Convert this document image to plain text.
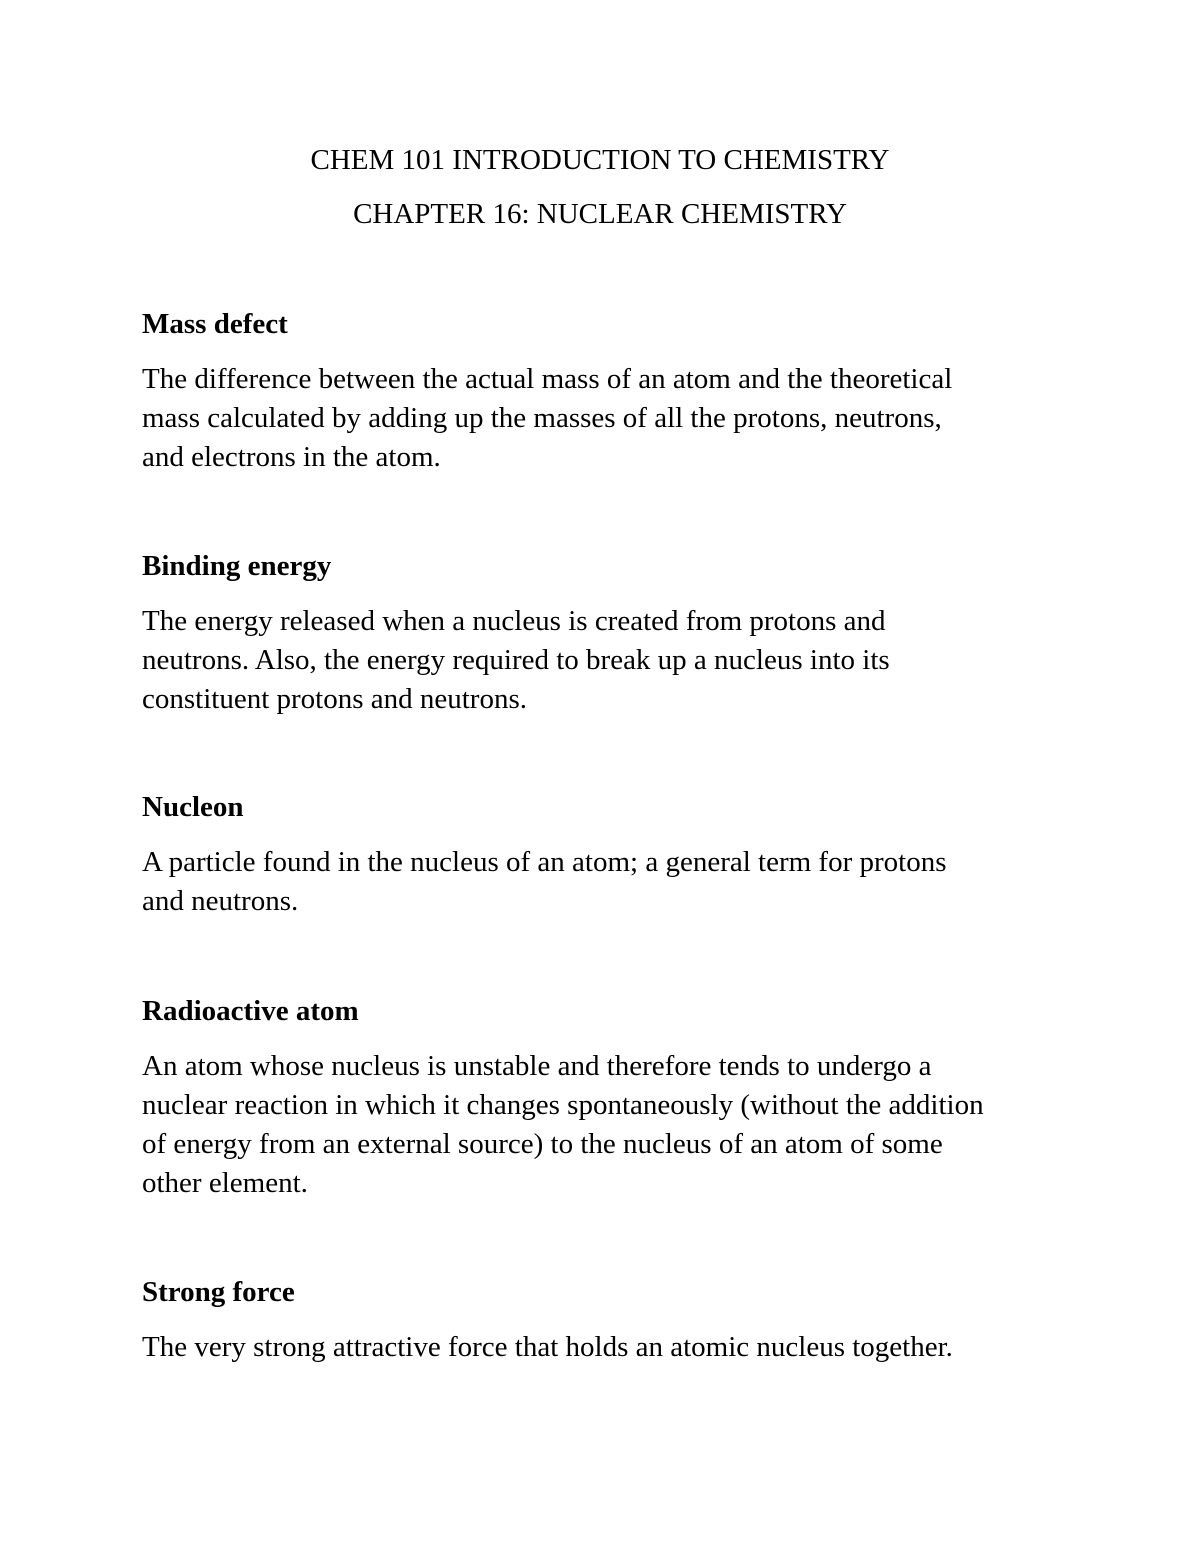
CHEM 101 INTRODUCTION TO CHEMISTRY
CHAPTER 16: NUCLEAR CHEMISTRY
Mass defect

The difference between the actual mass of an atom and the theoretical
mass calculated by adding up the masses of all the protons, neutrons,
and electrons in the atom.

Binding energy

The energy released when a nucleus is created from protons and
neutrons. Also, the energy required to break up a nucleus into its
constituent protons and neutrons.

Nucleon

A particle found in the nucleus of an atom; a general term for protons
and neutrons.

Radioactive atom

An atom whose nucleus is unstable and therefore tends to undergo a
nuclear reaction in which it changes spontaneously (without the addition
of energy from an external source) to the nucleus of an atom of some
other element.

Strong force

The very strong attractive force that holds an atomic nucleus together.
